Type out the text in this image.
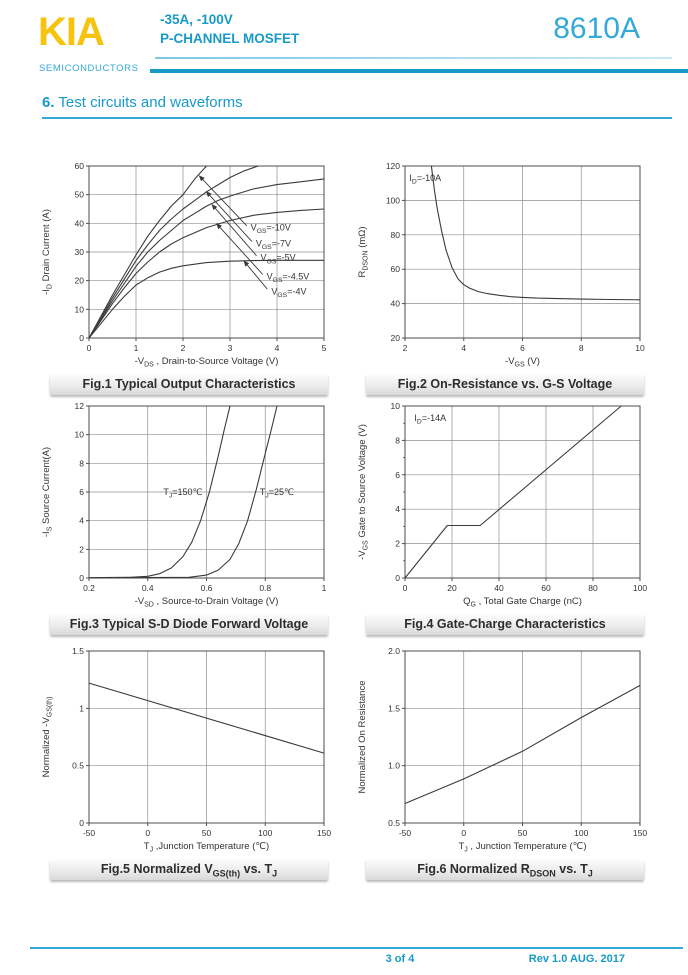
KIA
SEMICONDUCTORS
-35A, -100V
P-CHANNEL MOSFET	8610A
6. Test circuits and waveforms
0	1	2	3	4	5
0
10
20
30
40
50
60
$V_{GS}=-10V$
$V_{GS}=-7V$
$V_{GS}=-5V$
$V_{GS}=-4.5V$
$V_{GS}=-4V$
$-V_{DS}$ , Drain-to-Source Voltage (V)
$-I_D$ Drain Current (A)
Fig.1 Typical Output Characteristics
2	4	6	8	10
20
40
60
80
100
120
$I_D=-10A$
$-V_{GS}$ (V)
$R_{DSON}$ (mΩ)
Fig.2 On-Resistance vs. G-S Voltage
0.2	0.4	0.6	0.8	1
0
2
4
6
8
10
12
$T_J=150℃$	$T_J=25℃$
$-V_{SD}$ , Source-to-Drain Voltage (V)
$-I_S$ Source Current(A)
Fig.3 Typical S-D Diode Forward Voltage
0	20	40	60	80	100
0
2
4
6
8
10
$I_D=-14A$
$Q_G$ , Total Gate Charge (nC)
$-V_{GS}$ Gate to Source Voltage (V)
Fig.4 Gate-Charge Characteristics
-50	0	50	100	150
0
0.5
1
1.5
$T_J$ ,Junction Temperature (℃)
Normalized $-V_{GS(th)}$
Fig.5 Normalized $V_{GS(th)}$ vs. $T_J$
-50	0	50	100	150
0.5
1.0
1.5
2.0
$T_J$ , Junction Temperature (℃)
Normalized On Resistance
Fig.6 Normalized $R_{DSON}$ vs. $T_J$
3 of 4	Rev 1.0 AUG. 2017
